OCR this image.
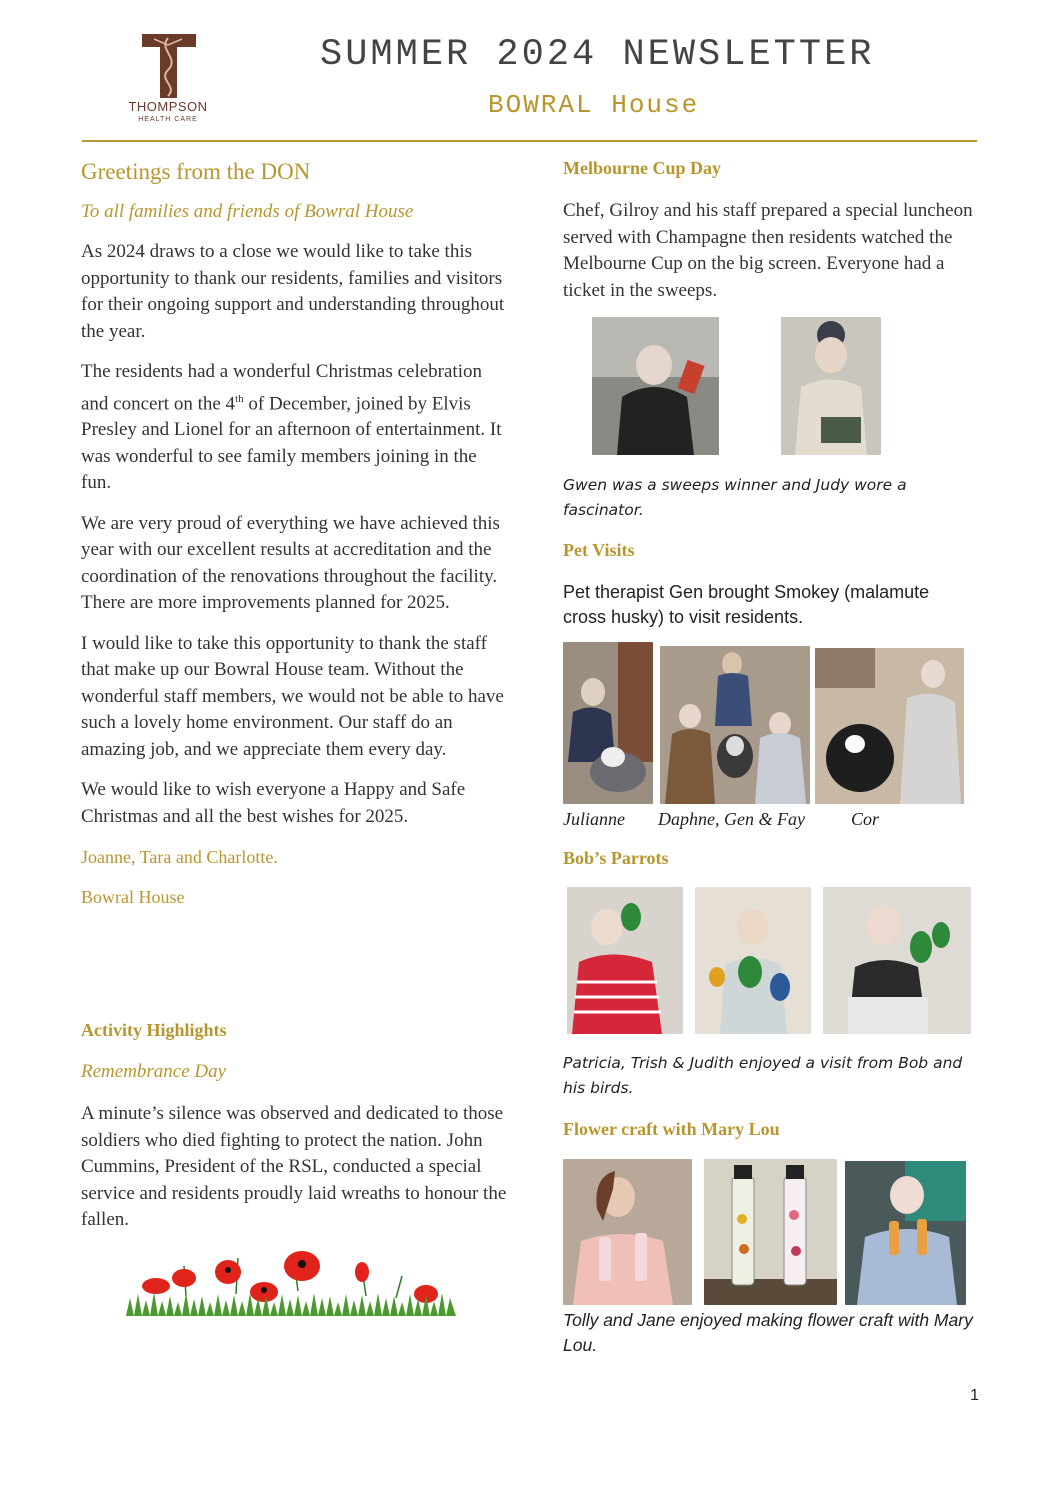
THOMPSON
HEALTH CARE
SUMMER 2024 NEWSLETTER
BOWRAL House
Greetings from the DON
To all families and friends of Bowral House

As 2024 draws to a close we would like to take this opportunity to thank our residents, families and visitors for their ongoing support and understanding throughout the year.

The residents had a wonderful Christmas celebration and concert on the 4th of December, joined by Elvis Presley and Lionel for an afternoon of entertainment. It was wonderful to see family members joining in the fun.

We are very proud of everything we have achieved this year with our excellent results at accreditation and the coordination of the renovations throughout the facility. There are more improvements planned for 2025.

I would like to take this opportunity to thank the staff that make up our Bowral House team. Without the wonderful staff members, we would not be able to have such a lovely home environment. Our staff do an amazing job, and we appreciate them every day.

We would like to wish everyone a Happy and Safe Christmas and all the best wishes for 2025.

Joanne, Tara and Charlotte.
Bowral House
Activity Highlights
Remembrance Day
A minute’s silence was observed and dedicated to those soldiers who died fighting to protect the nation. John Cummins, President of the RSL, conducted a special service and residents proudly laid wreaths to honour the fallen.
Melbourne Cup Day
Chef, Gilroy and his staff prepared a special luncheon served with Champagne then residents watched the Melbourne Cup on the big screen. Everyone had a ticket in the sweeps.
Gwen was a sweeps winner and Judy wore a fascinator.
Pet Visits
Pet therapist Gen brought Smokey (malamute cross husky) to visit residents.
Julianne Daphne, Gen & Fay	Cor
Bob’s Parrots
Patricia, Trish & Judith enjoyed a visit from Bob and his birds.
Flower craft with Mary Lou
Tolly and Jane enjoyed making flower craft with Mary Lou.
1
